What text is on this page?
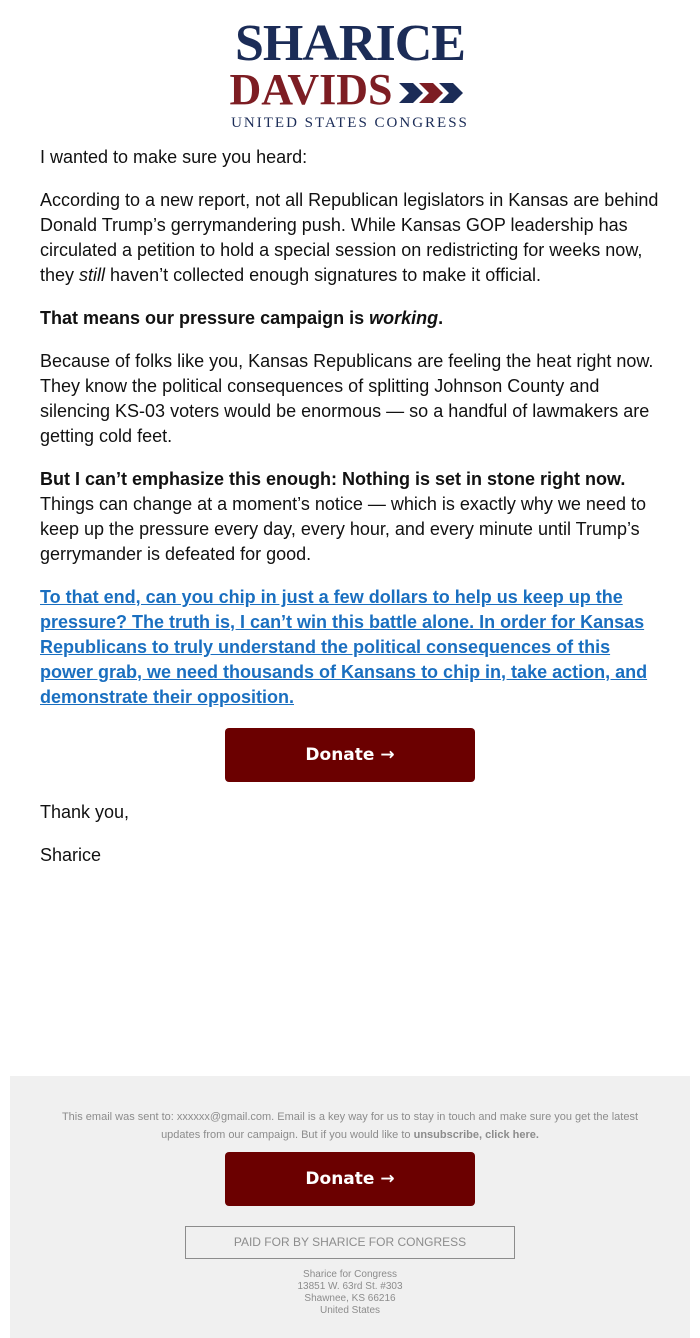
SHARICE
DAVIDS
UNITED STATES CONGRESS

I wanted to make sure you heard:

According to a new report, not all Republican legislators in Kansas are behind Donald Trump’s gerrymandering push. While Kansas GOP leadership has circulated a petition to hold a special session on redistricting for weeks now, they still haven’t collected enough signatures to make it official.

That means our pressure campaign is working.

Because of folks like you, Kansas Republicans are feeling the heat right now. They know the political consequences of splitting Johnson County and silencing KS-03 voters would be enormous — so a handful of lawmakers are getting cold feet.

But I can’t emphasize this enough: Nothing is set in stone right now. Things can change at a moment’s notice — which is exactly why we need to keep up the pressure every day, every hour, and every minute until Trump’s gerrymander is defeated for good.

To that end, can you chip in just a few dollars to help us keep up the pressure? The truth is, I can’t win this battle alone. In order for Kansas Republicans to truly understand the political consequences of this power grab, we need thousands of Kansans to chip in, take action, and demonstrate their opposition.

Donate →

Thank you,

Sharice

This email was sent to: xxxxxx@gmail.com. Email is a key way for us to stay in touch and make sure you get the latest updates from our campaign. But if you would like to unsubscribe, click here.
Donate →
PAID FOR BY SHARICE FOR CONGRESS
Sharice for Congress
13851 W. 63rd St. #303
Shawnee, KS 66216
United States
